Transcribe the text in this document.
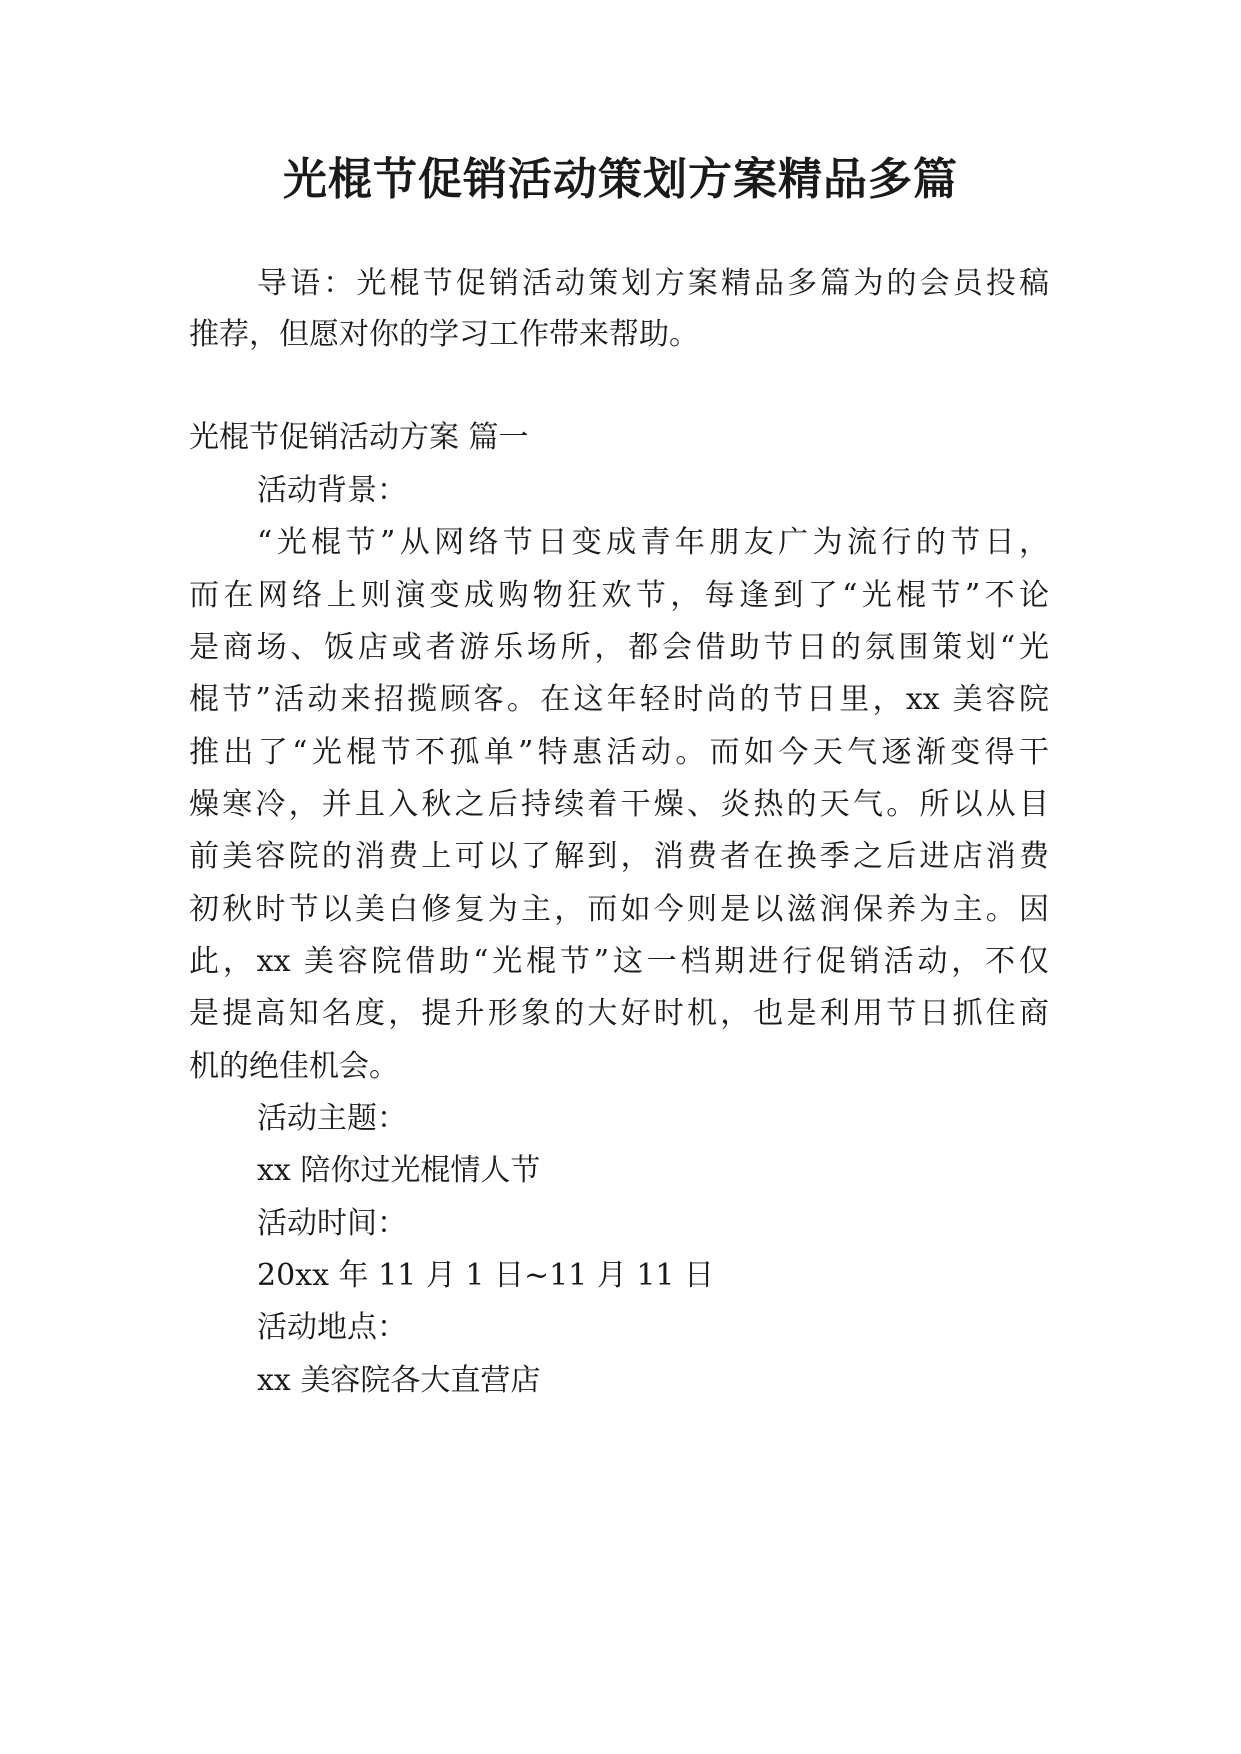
光棍节促销活动策划方案精品多篇

导语：光棍节促销活动策划方案精品多篇为的会员投稿

推荐，但愿对你的学习工作带来帮助。

光棍节促销活动方案 篇一

活动背景：

“光棍节”从网络节日变成青年朋友广为流行的节日，

而在网络上则演变成购物狂欢节，每逢到了“光棍节”不论

是商场、饭店或者游乐场所，都会借助节日的氛围策划“光

棍节”活动来招揽顾客。在这年轻时尚的节日里，xx 美容院

推出了“光棍节不孤单”特惠活动。而如今天气逐渐变得干

燥寒冷，并且入秋之后持续着干燥、炎热的天气。所以从目

前美容院的消费上可以了解到，消费者在换季之后进店消费

初秋时节以美白修复为主，而如今则是以滋润保养为主。因

此，xx 美容院借助“光棍节”这一档期进行促销活动，不仅

是提高知名度，提升形象的大好时机，也是利用节日抓住商

机的绝佳机会。

活动主题：

xx 陪你过光棍情人节

活动时间：

20xx 年 11 月 1 日~11 月 11 日

活动地点：

xx 美容院各大直营店
